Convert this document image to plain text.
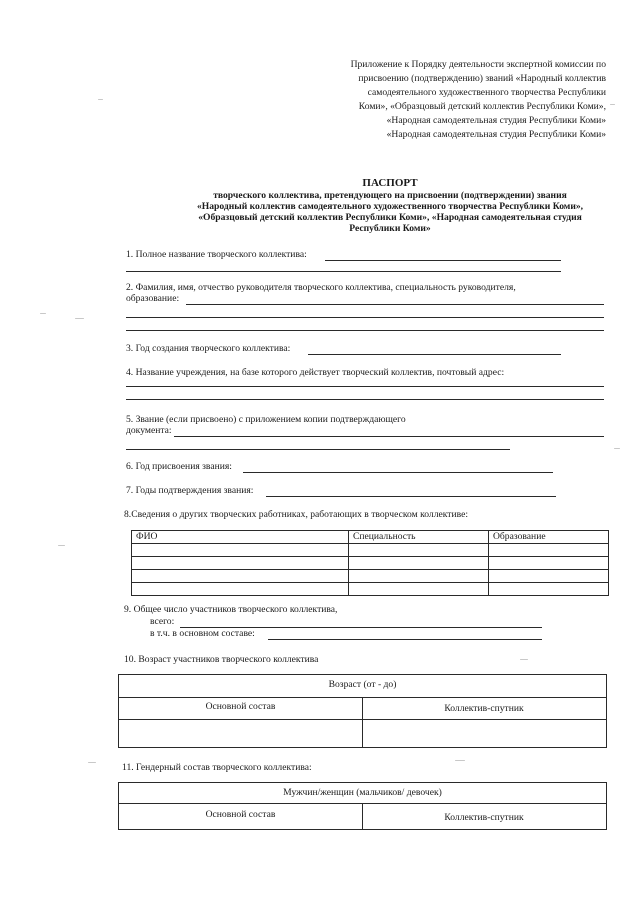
Приложение к Порядку деятельности экспертной комиссии по
присвоению (подтверждению) званий «Народный коллектив
самодеятельного художественного творчества Республики
Коми», «Образцовый детский коллектив Республики Коми»,
«Народная самодеятельная студия Республики Коми»
«Народная самодеятельная студия Республики Коми»
ПАСПОРТ
творческого коллектива, претендующего на присвоении (подтверждении) звания
«Народный коллектив самодеятельного художественного творчества Республики Коми»,
«Образцовый детский коллектив Республики Коми», «Народная самодеятельная студия
Республики Коми»
1. Полное название творческого коллектива:
2. Фамилия, имя, отчество руководителя творческого коллектива, специальность руководителя,
образование:
3. Год создания творческого коллектива:
4. Название учреждения, на базе которого действует творческий коллектив, почтовый адрес:
5. Звание (если присвоено) с приложением копии подтверждающего
документа:
6. Год присвоения звания:
7. Годы подтверждения звания:
8.Сведения о других творческих работниках, работающих в творческом коллективе:
ФИО	Специальность	Образование

9. Общее число участников творческого коллектива,
всего:
в т.ч. в основном составе:
10. Возраст участников творческого коллектива
Возраст (от - до)
Основной состав	Коллектив-спутник
11. Гендерный состав творческого коллектива:
Мужчин/женщин (мальчиков/ девочек)
Основной состав	Коллектив-спутник
